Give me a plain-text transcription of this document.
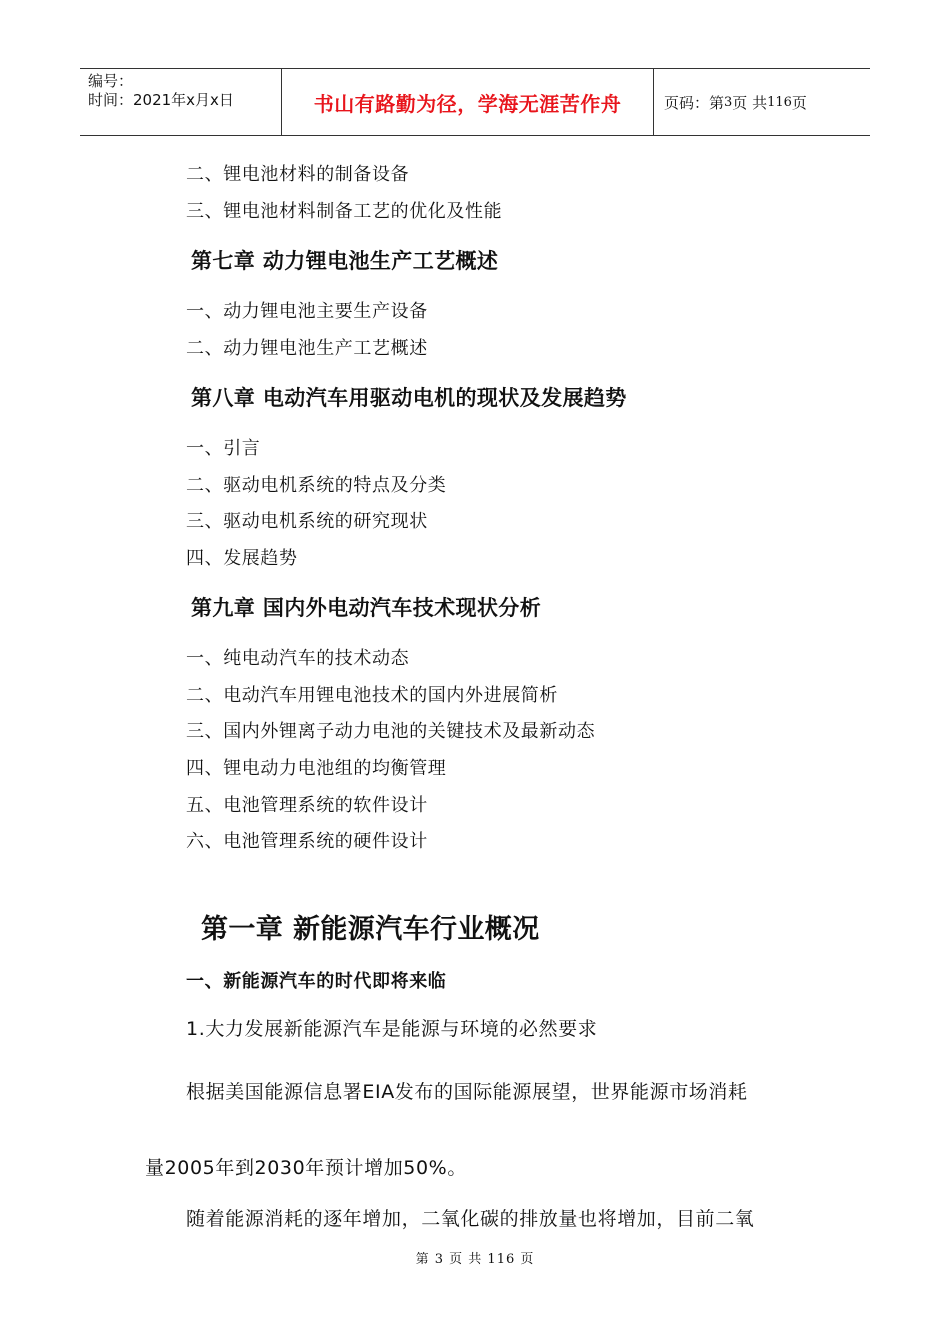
编号：
时间：2021年x月x日	书山有路勤为径，学海无涯苦作舟	页码：第 3 页 共 116 页
二、锂电池材料的制备设备
三、锂电池材料制备工艺的优化及性能
第七章 动力锂电池生产工艺概述
一、动力锂电池主要生产设备
二、动力锂电池生产工艺概述
第八章 电动汽车用驱动电机的现状及发展趋势
一、引言
二、驱动电机系统的特点及分类
三、驱动电机系统的研究现状
四、发展趋势
第九章 国内外电动汽车技术现状分析
一、纯电动汽车的技术动态
二、电动汽车用锂电池技术的国内外进展简析
三、国内外锂离子动力电池的关键技术及最新动态
四、锂电动力电池组的均衡管理
五、电池管理系统的软件设计
六、电池管理系统的硬件设计
第一章 新能源汽车行业概况
一、新能源汽车的时代即将来临
1.大力发展新能源汽车是能源与环境的必然要求
根据美国能源信息署EIA发布的国际能源展望，世界能源市场消耗
量2005年到2030年预计增加50%。
随着能源消耗的逐年增加，二氧化碳的排放量也将增加，目前二氧
第 3 页 共 116 页
